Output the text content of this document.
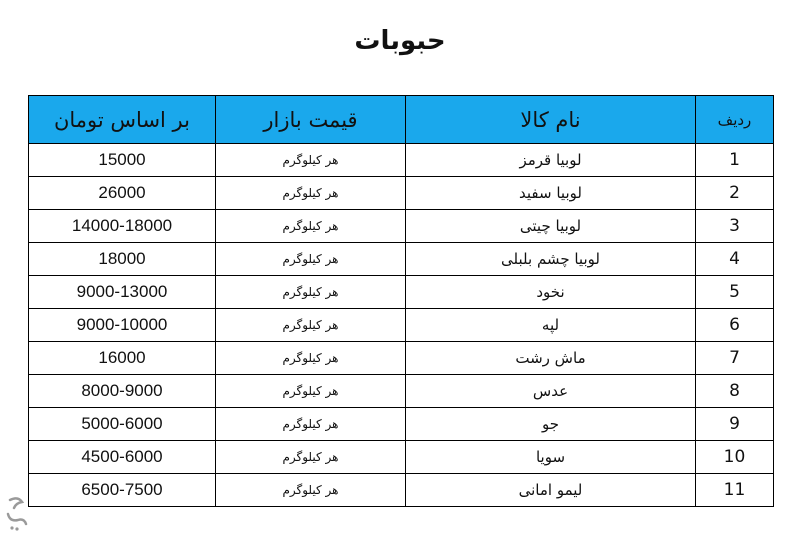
حبوبات
ردیف	نام کالا	قیمت بازار	بر اساس تومان
1	لوبیا قرمز	هر کیلوگرم	15000
2	لوبیا سفید	هر کیلوگرم	26000
3	لوبیا چیتی	هر کیلوگرم	14000-18000
4	لوبیا چشم بلبلی	هر کیلوگرم	18000
5	نخود	هر کیلوگرم	9000-13000
6	لپه	هر کیلوگرم	9000-10000
7	ماش رشت	هر کیلوگرم	16000
8	عدس	هر کیلوگرم	8000-9000
9	جو	هر کیلوگرم	5000-6000
10	سویا	هر کیلوگرم	4500-6000
11	لیمو امانی	هر کیلوگرم	6500-7500
